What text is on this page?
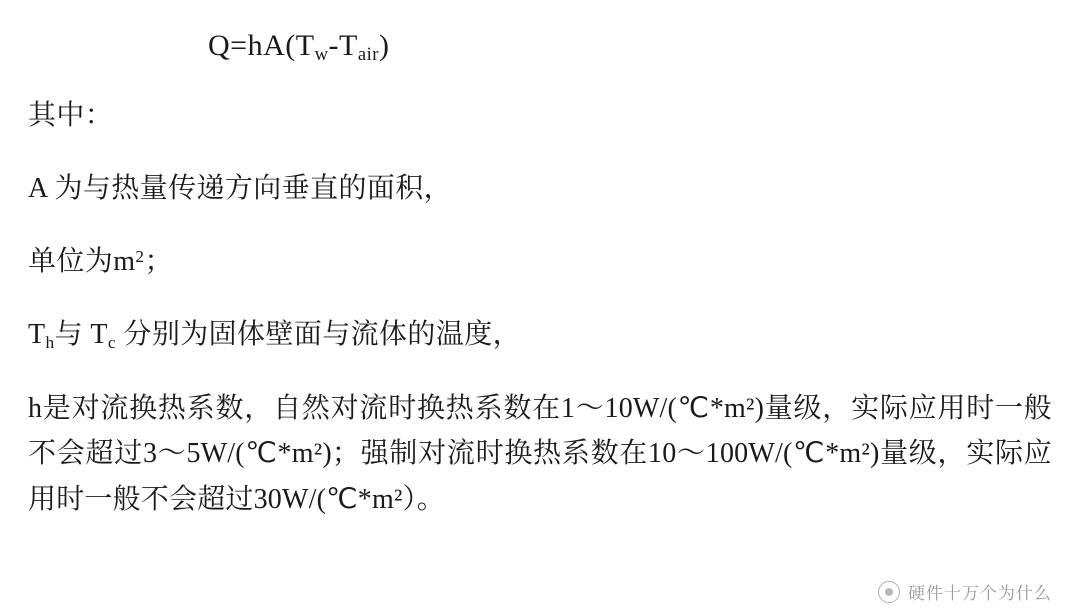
$Q=hA(T_w-T_{air})$

其中：

A 为与热量传递方向垂直的面积，

单位为$m^2$；

$T_h$与 $T_c$ 分别为固体壁面与流体的温度，

h是对流换热系数，自然对流时换热系数在1～10W/(℃*m²)量级，实际应用时一般不会超过3～5W/(℃*m²)；强制对流时换热系数在10～100W/(℃*m²)量级，实际应用时一般不会超过30W/(℃*m²）。

硬件十万个为什么
